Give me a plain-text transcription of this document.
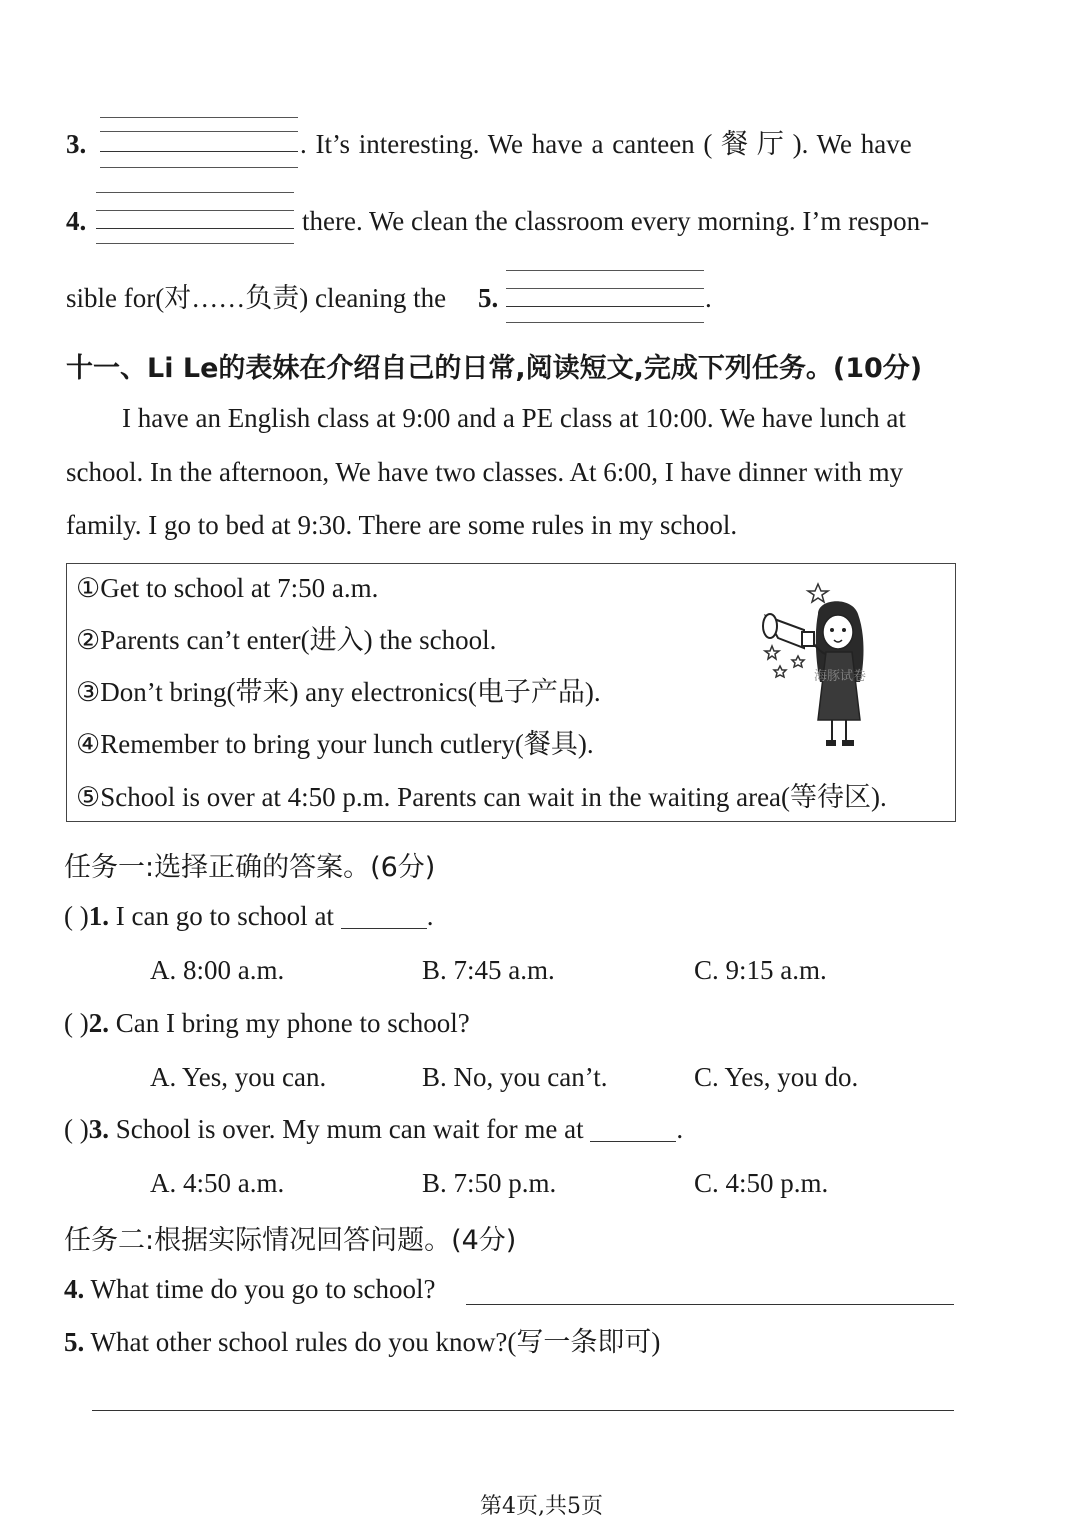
3.	. It’s interesting. We have a canteen ( 餐 厅 ). We have
4.	there. We clean the classroom every morning. I’m respon-
sible for(对……负责) cleaning the 5.	.
十一、Li Le的表妹在介绍自己的日常,阅读短文,完成下列任务。(10分)
I have an English class at 9:00 and a PE class at 10:00. We have lunch at
school. In the afternoon, We have two classes. At 6:00, I have dinner with my
family. I go to bed at 9:30. There are some rules in my school.
①Get to school at 7:50 a.m.
②Parents can’t enter(进入) the school.
③Don’t bring(带来) any electronics(电子产品).
④Remember to bring your lunch cutlery(餐具).
⑤School is over at 4:50 p.m. Parents can wait in the waiting area(等待区).
海豚试卷
任务一:选择正确的答案。(6分)
( )1. I can go to school at	.
A. 8:00 a.m.	B. 7:45 a.m.	C. 9:15 a.m.
( )2. Can I bring my phone to school?
A. Yes, you can.	B. No, you can’t.	C. Yes, you do.
( )3. School is over. My mum can wait for me at	.
A. 4:50 a.m.	B. 7:50 p.m.	C. 4:50 p.m.
任务二:根据实际情况回答问题。(4分)
4. What time do you go to school?
5. What other school rules do you know?(写一条即可)
第4页,共5页
